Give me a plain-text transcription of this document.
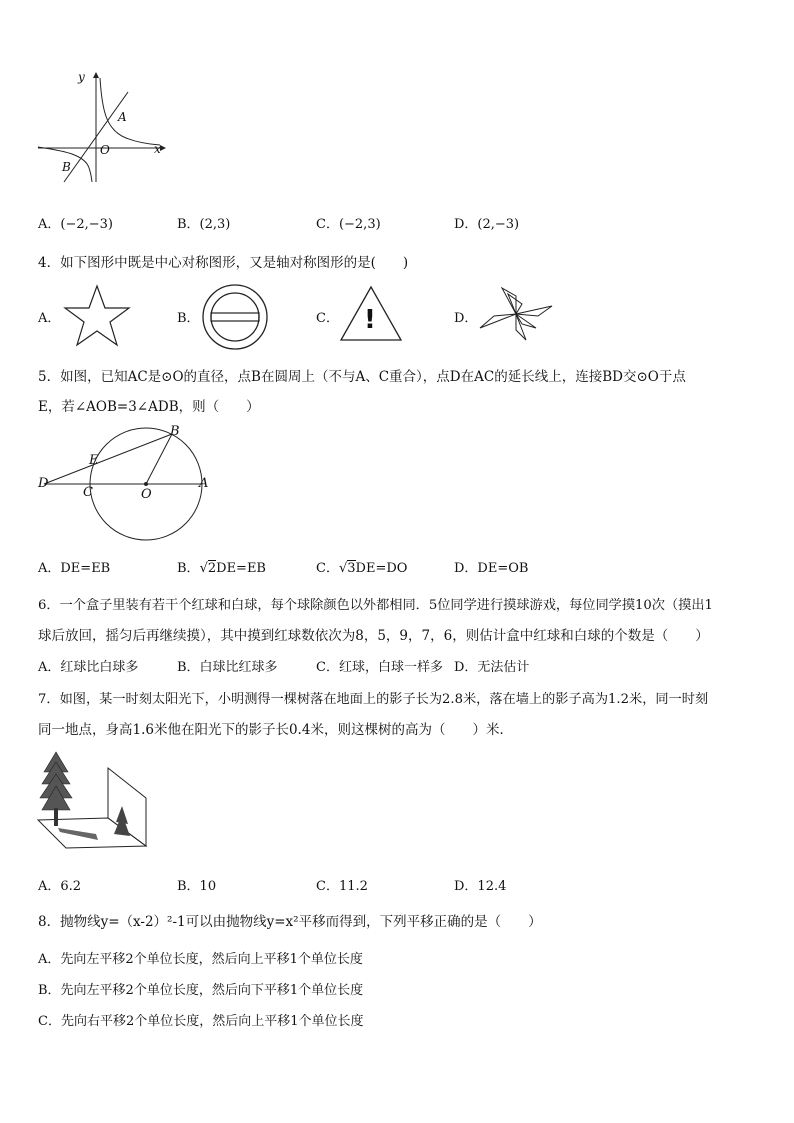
y
x
O
A
B
A．(−2,−3)	B．(2,3)	C．(−2,3)	D．(2,−3)
4．如下图形中既是中心对称图形，又是轴对称图形的是(　　)
A．	B．	C． !	D．
5．如图，已知AC是⊙O的直径，点B在圆周上（不与A、C重合），点D在AC的延长线上，连接BD交⊙O于点
E，若∠AOB=3∠ADB，则（　　）
B
E
D
C	O
A
A．DE=EB	B．√2DE=EB	C．√3DE=DO	D．DE=OB
6．一个盒子里装有若干个红球和白球，每个球除颜色以外都相同．5位同学进行摸球游戏，每位同学摸10次（摸出1
球后放回，摇匀后再继续摸），其中摸到红球数依次为8，5，9，7，6，则估计盒中红球和白球的个数是（　　）
A．红球比白球多	B．白球比红球多	C．红球，白球一样多 D．无法估计
7．如图，某一时刻太阳光下，小明测得一棵树落在地面上的影子长为2.8米，落在墙上的影子高为1.2米，同一时刻
同一地点，身高1.6米他在阳光下的影子长0.4米，则这棵树的高为（　　）米．
A．6.2	B．10	C．11.2	D．12.4
8．抛物线y=（x-2）²-1可以由抛物线y=x²平移而得到，下列平移正确的是（　　）
A．先向左平移2个单位长度，然后向上平移1个单位长度
B．先向左平移2个单位长度，然后向下平移1个单位长度
C．先向右平移2个单位长度，然后向上平移1个单位长度
